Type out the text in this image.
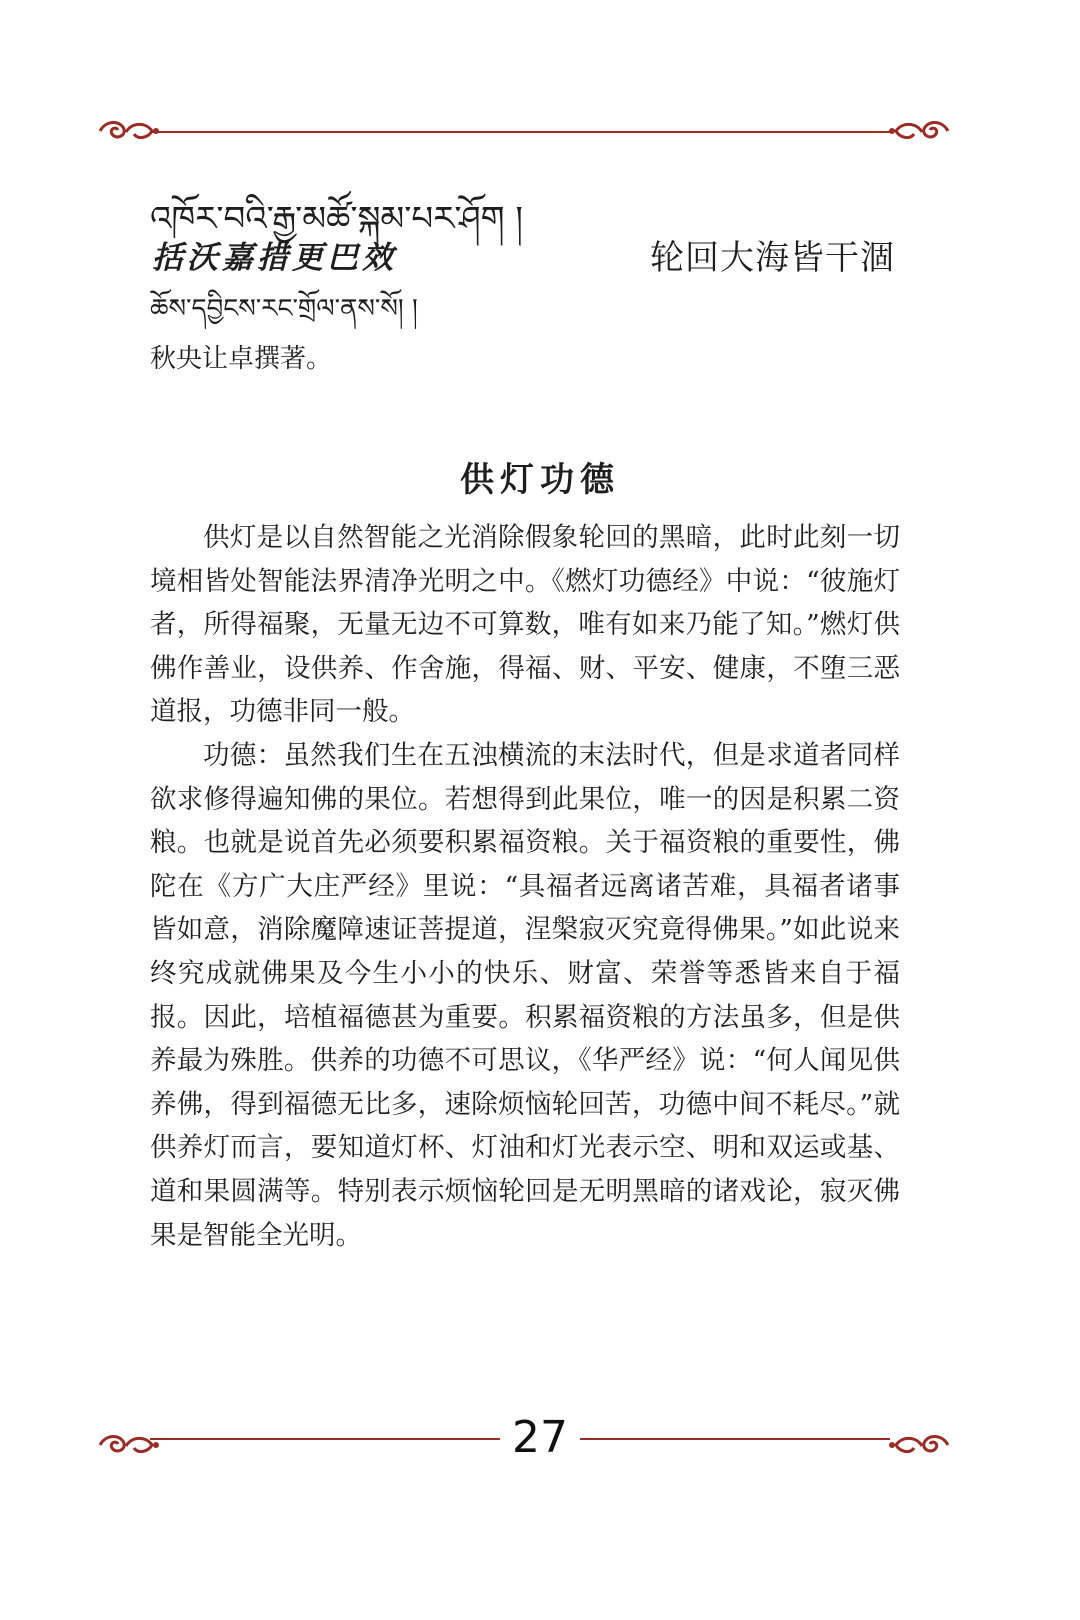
འཁོར་བའི་རྒྱ་མཚོ་སྐམ་པར་ཤོག །
括沃嘉措更巴效	轮回大海皆干涸
ཆོས་དབྱིངས་རང་གྲོལ་ནས་སོ། །
秋央让卓撰著。
供灯功德

供灯是以自然智能之光消除假象轮回的黑暗，此时此刻一切境相皆处智能法界清净光明之中。《燃灯功德经》中说：“彼施灯者，所得福聚，无量无边不可算数，唯有如来乃能了知。”燃灯供佛作善业，设供养、作舍施，得福、财、平安、健康，不堕三恶道报，功德非同一般。

功德：虽然我们生在五浊横流的末法时代，但是求道者同样欲求修得遍知佛的果位。若想得到此果位，唯一的因是积累二资粮。也就是说首先必须要积累福资粮。关于福资粮的重要性，佛陀在《方广大庄严经》里说：“具福者远离诸苦难，具福者诸事皆如意，消除魔障速证菩提道，涅槃寂灭究竟得佛果。”如此说来终究成就佛果及今生小小的快乐、财富、荣誉等悉皆来自于福报。因此，培植福德甚为重要。积累福资粮的方法虽多，但是供养最为殊胜。供养的功德不可思议，《华严经》说：“何人闻见供养佛，得到福德无比多，速除烦恼轮回苦，功德中间不耗尽。”就供养灯而言，要知道灯杯、灯油和灯光表示空、明和双运或基、道和果圆满等。特别表示烦恼轮回是无明黑暗的诸戏论，寂灭佛果是智能全光明。

27
